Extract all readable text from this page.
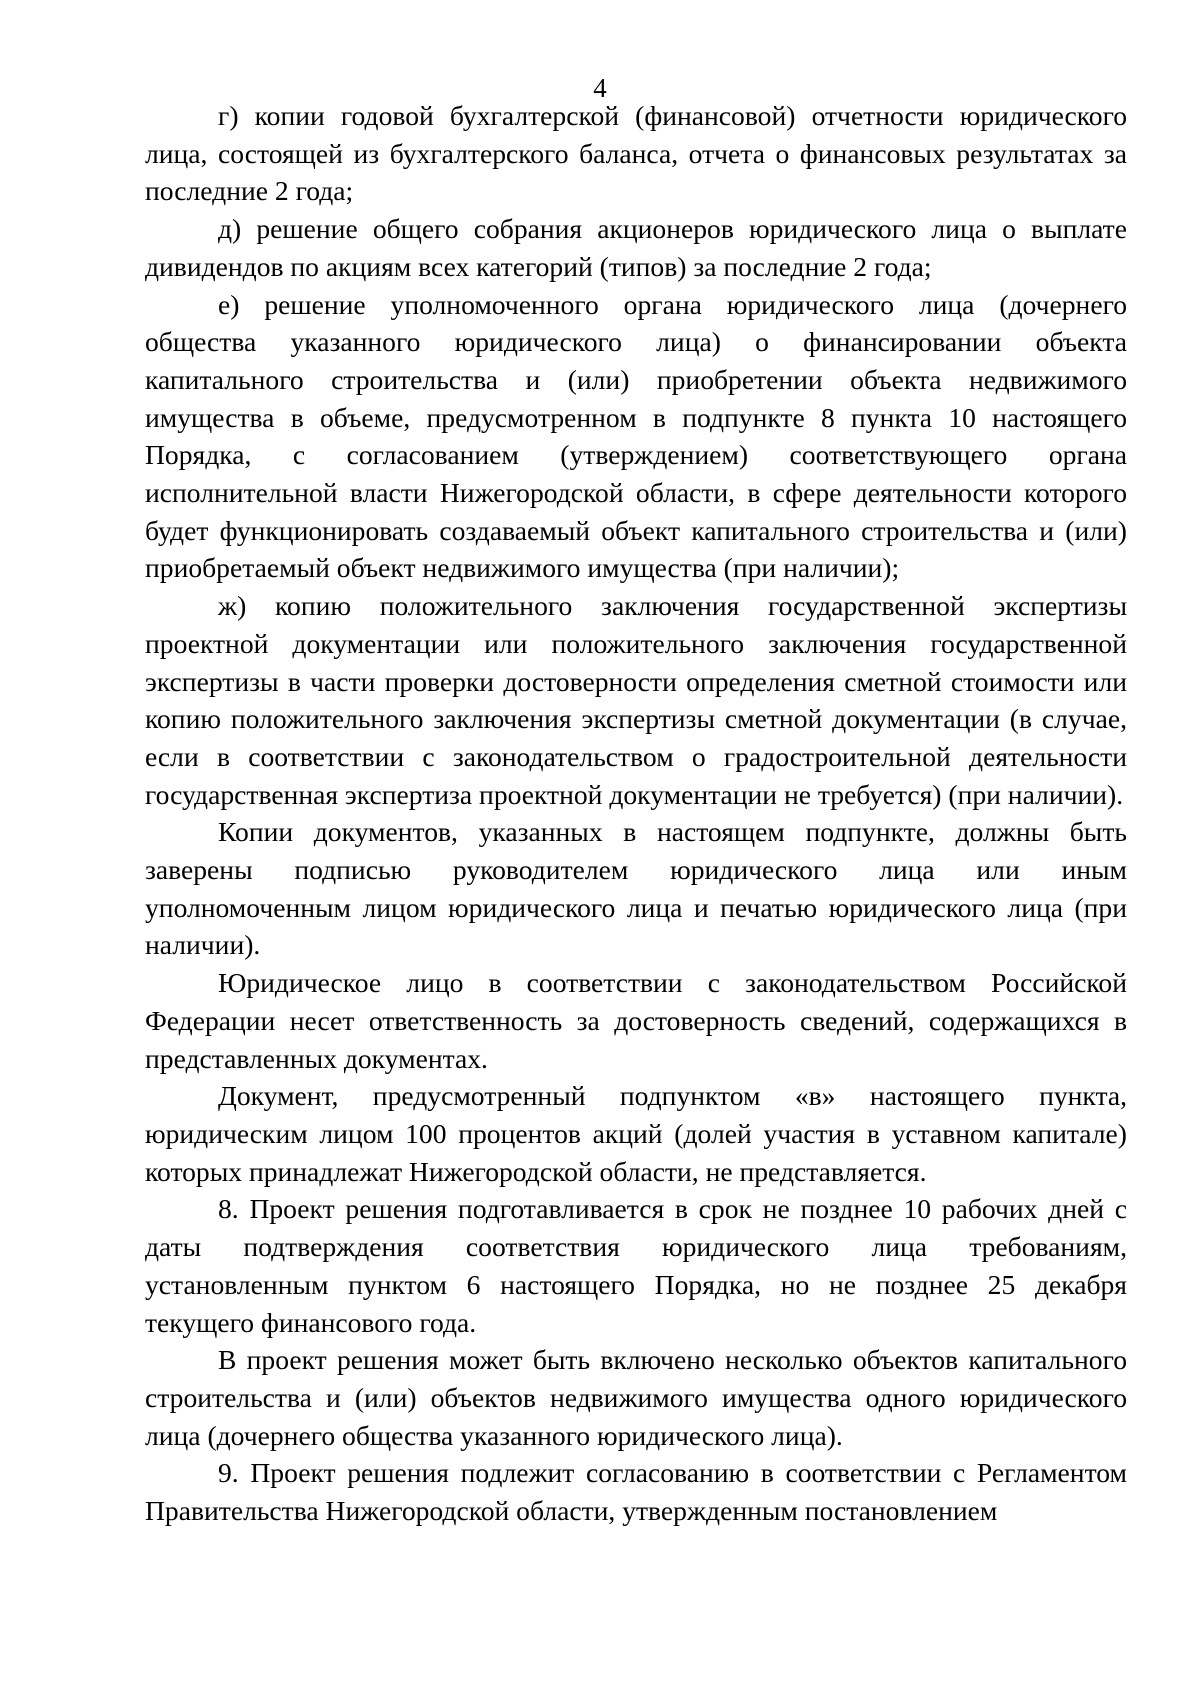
4

г) копии годовой бухгалтерской (финансовой) отчетности юридического лица, состоящей из бухгалтерского баланса, отчета о финансовых результатах за последние 2 года;

д) решение общего собрания акционеров юридического лица о выплате дивидендов по акциям всех категорий (типов) за последние 2 года;

е) решение уполномоченного органа юридического лица (дочернего общества указанного юридического лица) о финансировании объекта капитального строительства и (или) приобретении объекта недвижимого имущества в объеме, предусмотренном в подпункте 8 пункта 10 настоящего Порядка, с согласованием (утверждением) соответствующего органа исполнительной власти Нижегородской области, в сфере деятельности которого будет функционировать создаваемый объект капитального строительства и (или) приобретаемый объект недвижимого имущества (при наличии);

ж) копию положительного заключения государственной экспертизы проектной документации или положительного заключения государственной экспертизы в части проверки достоверности определения сметной стоимости или копию положительного заключения экспертизы сметной документации (в случае, если в соответствии с законодательством о градостроительной деятельности государственная экспертиза проектной документации не требуется) (при наличии).

Копии документов, указанных в настоящем подпункте, должны быть заверены подписью руководителем юридического лица или иным уполномоченным лицом юридического лица и печатью юридического лица (при наличии).

Юридическое лицо в соответствии с законодательством Российской Федерации несет ответственность за достоверность сведений, содержащихся в представленных документах.

Документ, предусмотренный подпунктом «в» настоящего пункта, юридическим лицом 100 процентов акций (долей участия в уставном капитале) которых принадлежат Нижегородской области, не представляется.

8. Проект решения подготавливается в срок не позднее 10 рабочих дней с даты подтверждения соответствия юридического лица требованиям, установленным пунктом 6 настоящего Порядка, но не позднее 25 декабря текущего финансового года.

В проект решения может быть включено несколько объектов капитального строительства и (или) объектов недвижимого имущества одного юридического лица (дочернего общества указанного юридического лица).

9. Проект решения подлежит согласованию в соответствии с Регламентом Правительства Нижегородской области, утвержденным постановлением
